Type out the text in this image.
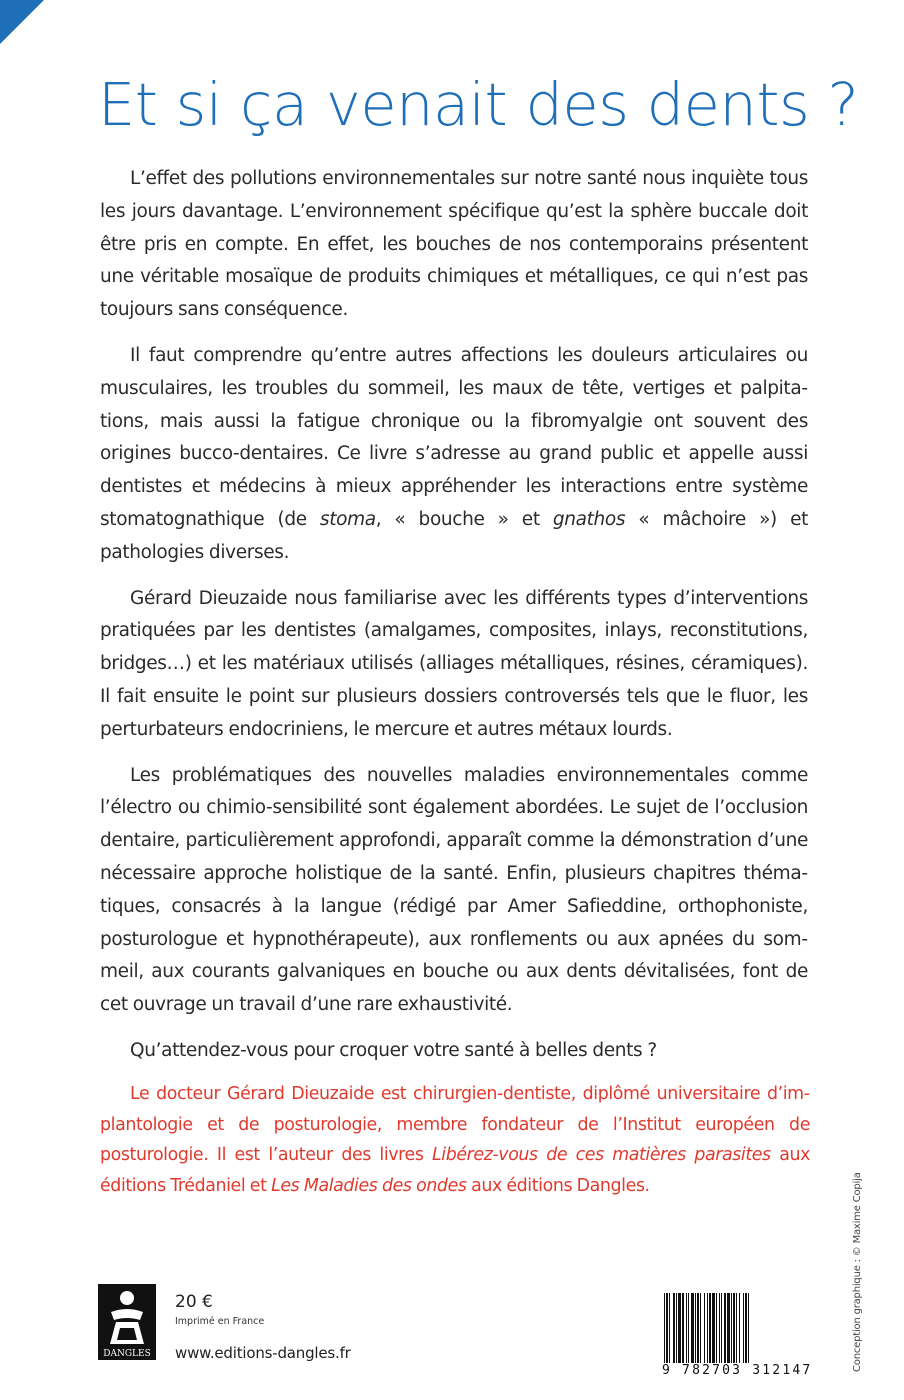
Et si ça venait des dents ?

L’effet des pollutions environnementales sur notre santé nous inquiète tous les jours davantage. L’environnement spécifique qu’est la sphère buccale doit être pris en compte. En effet, les bouches de nos contemporains présentent une véritable mosaïque de produits chimiques et métalliques, ce qui n’est pas toujours sans conséquence.

Il faut comprendre qu’entre autres affections les douleurs articulaires ou musculaires, les troubles du sommeil, les maux de tête, vertiges et palpitations, mais aussi la fatigue chronique ou la fibromyalgie ont souvent des origines bucco-dentaires. Ce livre s’adresse au grand public et appelle aussi dentistes et médecins à mieux appréhender les interactions entre système stomatognathique (de stoma, « bouche » et gnathos « mâchoire ») et pathologies diverses.

Gérard Dieuzaide nous familiarise avec les différents types d’interventions pratiquées par les dentistes (amalgames, composites, inlays, reconstitutions, bridges…) et les matériaux utilisés (alliages métalliques, résines, céramiques). Il fait ensuite le point sur plusieurs dossiers controversés tels que le fluor, les perturbateurs endocriniens, le mercure et autres métaux lourds.

Les problématiques des nouvelles maladies environnementales comme l’électro ou chimio-sensibilité sont également abordées. Le sujet de l’occlusion dentaire, particulièrement approfondi, apparaît comme la démonstration d’une nécessaire approche holistique de la santé. Enfin, plusieurs chapitres thématiques, consacrés à la langue (rédigé par Amer Safieddine, orthophoniste, posturologue et hypnothérapeute), aux ronflements ou aux apnées du sommeil, aux courants galvaniques en bouche ou aux dents dévitalisées, font de cet ouvrage un travail d’une rare exhaustivité.

Qu’attendez-vous pour croquer votre santé à belles dents ?

Le docteur Gérard Dieuzaide est chirurgien-dentiste, diplômé universitaire d’implantologie et de posturologie, membre fondateur de l’Institut européen de posturologie. Il est l’auteur des livres Libérez-vous de ces matières parasites aux éditions Trédaniel et Les Maladies des ondes aux éditions Dangles.	Conception graphique : © Maxime Copija
DANGLES
20 €
Imprimé en France
www.editions-dangles.fr
9 782703 312147
